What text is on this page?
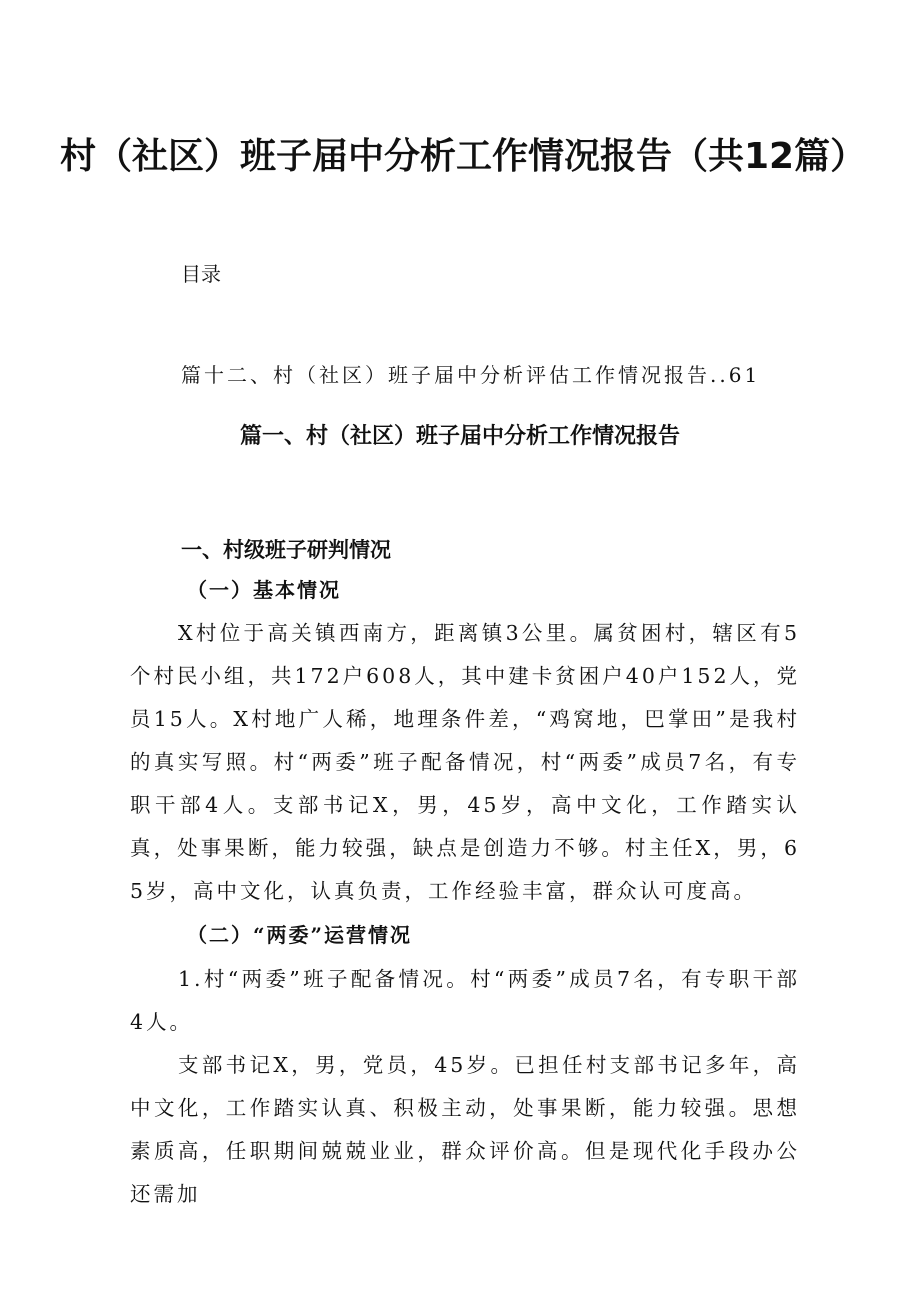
村（社区）班子届中分析工作情况报告（共12篇）

目录

篇十二、村（社区）班子届中分析评估工作情况报告..61

篇一、村（社区）班子届中分析工作情况报告
一、村级班子研判情况
（一）基本情况

X村位于高关镇西南方，距离镇3公里。属贫困村，辖区有5个村民小组，共172户608人，其中建卡贫困户40户152人，党员15人。X村地广人稀，地理条件差，“鸡窝地，巴掌田”是我村的真实写照。村“两委”班子配备情况，村“两委”成员7名，有专职干部4人。支部书记X，男，45岁，高中文化，工作踏实认真，处事果断，能力较强，缺点是创造力不够。村主任X，男，65岁，高中文化，认真负责，工作经验丰富，群众认可度高。

（二）“两委”运营情况

1.村“两委”班子配备情况。村“两委”成员7名，有专职干部4人。

支部书记X，男，党员，45岁。已担任村支部书记多年，高中文化，工作踏实认真、积极主动，处事果断，能力较强。思想素质高，任职期间兢兢业业，群众评价高。但是现代化手段办公还需加
